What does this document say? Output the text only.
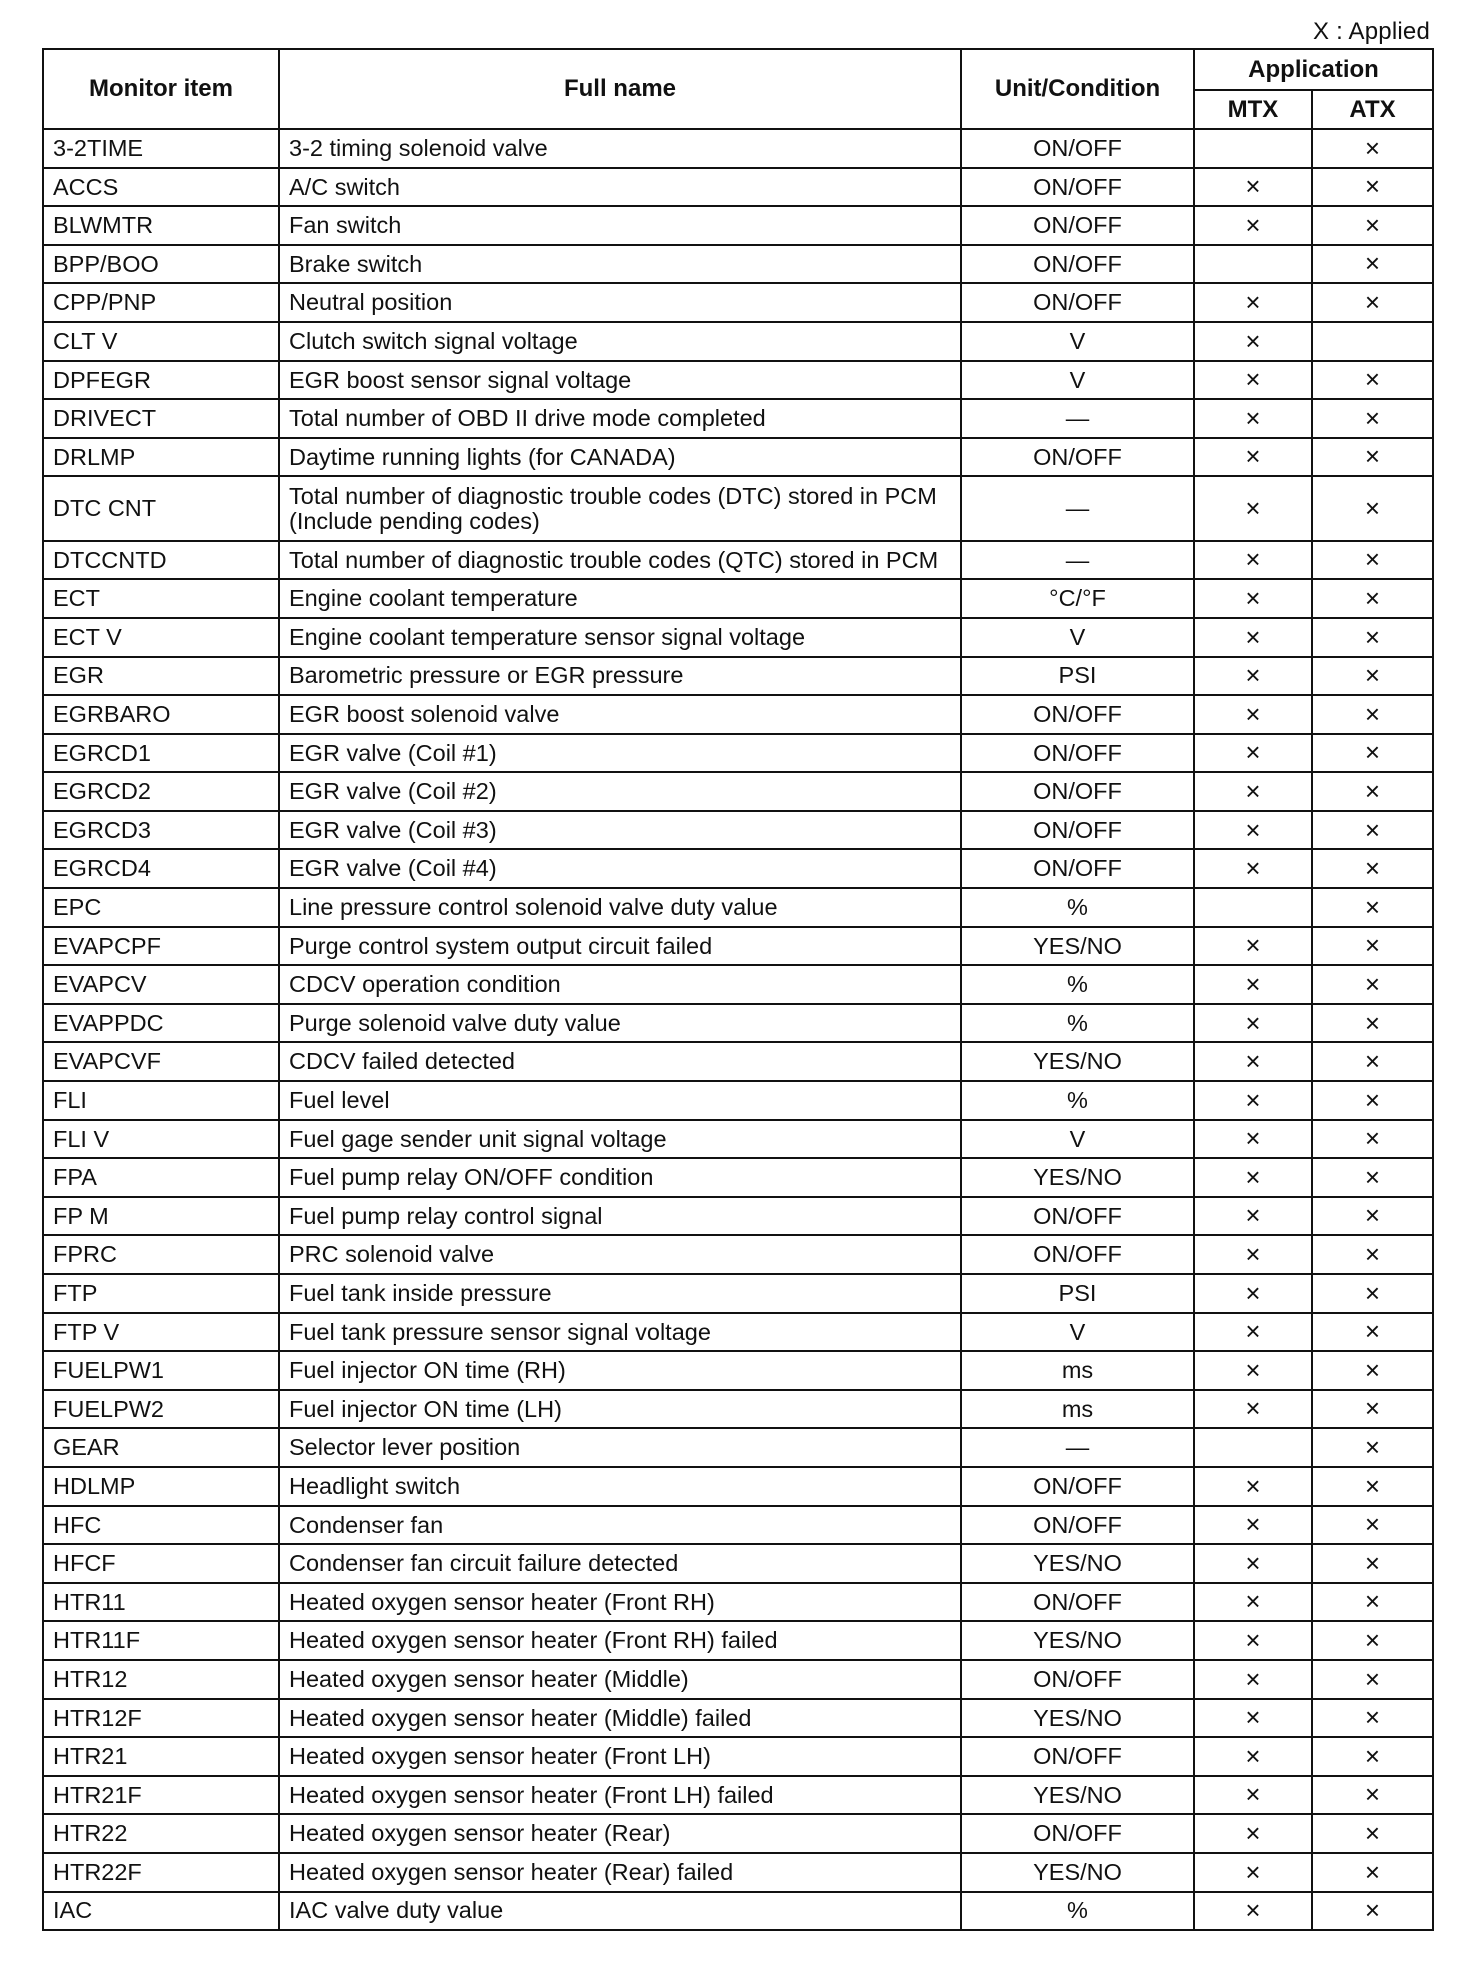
X : Applied
Monitor item	Full name	Unit/Condition	Application	
			MTX	ATX
3-2TIME	3-2 timing solenoid valve	ON/OFF		×
ACCS	A/C switch	ON/OFF	×	×
BLWMTR	Fan switch	ON/OFF	×	×
BPP/BOO	Brake switch	ON/OFF		×
CPP/PNP	Neutral position	ON/OFF	×	×
CLT V	Clutch switch signal voltage	V	×	
DPFEGR	EGR boost sensor signal voltage	V	×	×
DRIVECT	Total number of OBD II drive mode completed	—	×	×
DRLMP	Daytime running lights (for CANADA)	ON/OFF	×	×
DTC CNT	Total number of diagnostic trouble codes (DTC) stored in PCM (Include pending codes)	—	×	×
DTCCNTD	Total number of diagnostic trouble codes (QTC) stored in PCM	—	×	×
ECT	Engine coolant temperature	°C/°F	×	×
ECT V	Engine coolant temperature sensor signal voltage	V	×	×
EGR	Barometric pressure or EGR pressure	PSI	×	×
EGRBARO	EGR boost solenoid valve	ON/OFF	×	×
EGRCD1	EGR valve (Coil #1)	ON/OFF	×	×
EGRCD2	EGR valve (Coil #2)	ON/OFF	×	×
EGRCD3	EGR valve (Coil #3)	ON/OFF	×	×
EGRCD4	EGR valve (Coil #4)	ON/OFF	×	×
EPC	Line pressure control solenoid valve duty value	%		×
EVAPCPF	Purge control system output circuit failed	YES/NO	×	×
EVAPCV	CDCV operation condition	%	×	×
EVAPPDC	Purge solenoid valve duty value	%	×	×
EVAPCVF	CDCV failed detected	YES/NO	×	×
FLI	Fuel level	%	×	×
FLI V	Fuel gage sender unit signal voltage	V	×	×
FPA	Fuel pump relay ON/OFF condition	YES/NO	×	×
FP M	Fuel pump relay control signal	ON/OFF	×	×
FPRC	PRC solenoid valve	ON/OFF	×	×
FTP	Fuel tank inside pressure	PSI	×	×
FTP V	Fuel tank pressure sensor signal voltage	V	×	×
FUELPW1	Fuel injector ON time (RH)	ms	×	×
FUELPW2	Fuel injector ON time (LH)	ms	×	×
GEAR	Selector lever position	—		×
HDLMP	Headlight switch	ON/OFF	×	×
HFC	Condenser fan	ON/OFF	×	×
HFCF	Condenser fan circuit failure detected	YES/NO	×	×
HTR11	Heated oxygen sensor heater (Front RH)	ON/OFF	×	×
HTR11F	Heated oxygen sensor heater (Front RH) failed	YES/NO	×	×
HTR12	Heated oxygen sensor heater (Middle)	ON/OFF	×	×
HTR12F	Heated oxygen sensor heater (Middle) failed	YES/NO	×	×
HTR21	Heated oxygen sensor heater (Front LH)	ON/OFF	×	×
HTR21F	Heated oxygen sensor heater (Front LH) failed	YES/NO	×	×
HTR22	Heated oxygen sensor heater (Rear)	ON/OFF	×	×
HTR22F	Heated oxygen sensor heater (Rear) failed	YES/NO	×	×
IAC	IAC valve duty value	%	×	×
